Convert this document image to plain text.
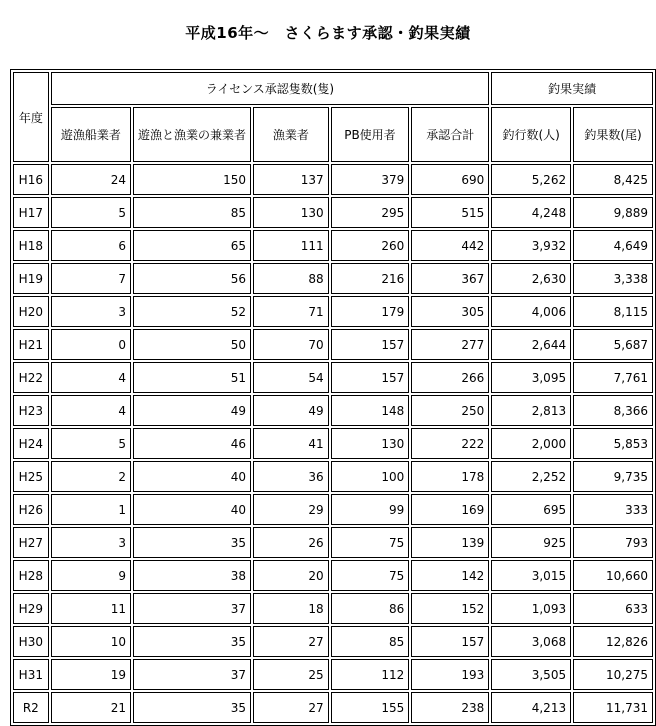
平成16年～　さくらます承認・釣果実績
年度	ライセンス承認隻数(隻)					釣果実績	
	遊漁船業者	遊漁と漁業の兼業者	漁業者	PB使用者	承認合計	釣行数(人)	釣果数(尾)
H16	24	150	137	379	690	5,262	8,425
H17	5	85	130	295	515	4,248	9,889
H18	6	65	111	260	442	3,932	4,649
H19	7	56	88	216	367	2,630	3,338
H20	3	52	71	179	305	4,006	8,115
H21	0	50	70	157	277	2,644	5,687
H22	4	51	54	157	266	3,095	7,761
H23	4	49	49	148	250	2,813	8,366
H24	5	46	41	130	222	2,000	5,853
H25	2	40	36	100	178	2,252	9,735
H26	1	40	29	99	169	695	333
H27	3	35	26	75	139	925	793
H28	9	38	20	75	142	3,015	10,660
H29	11	37	18	86	152	1,093	633
H30	10	35	27	85	157	3,068	12,826
H31	19	37	25	112	193	3,505	10,275
R2	21	35	27	155	238	4,213	11,731
